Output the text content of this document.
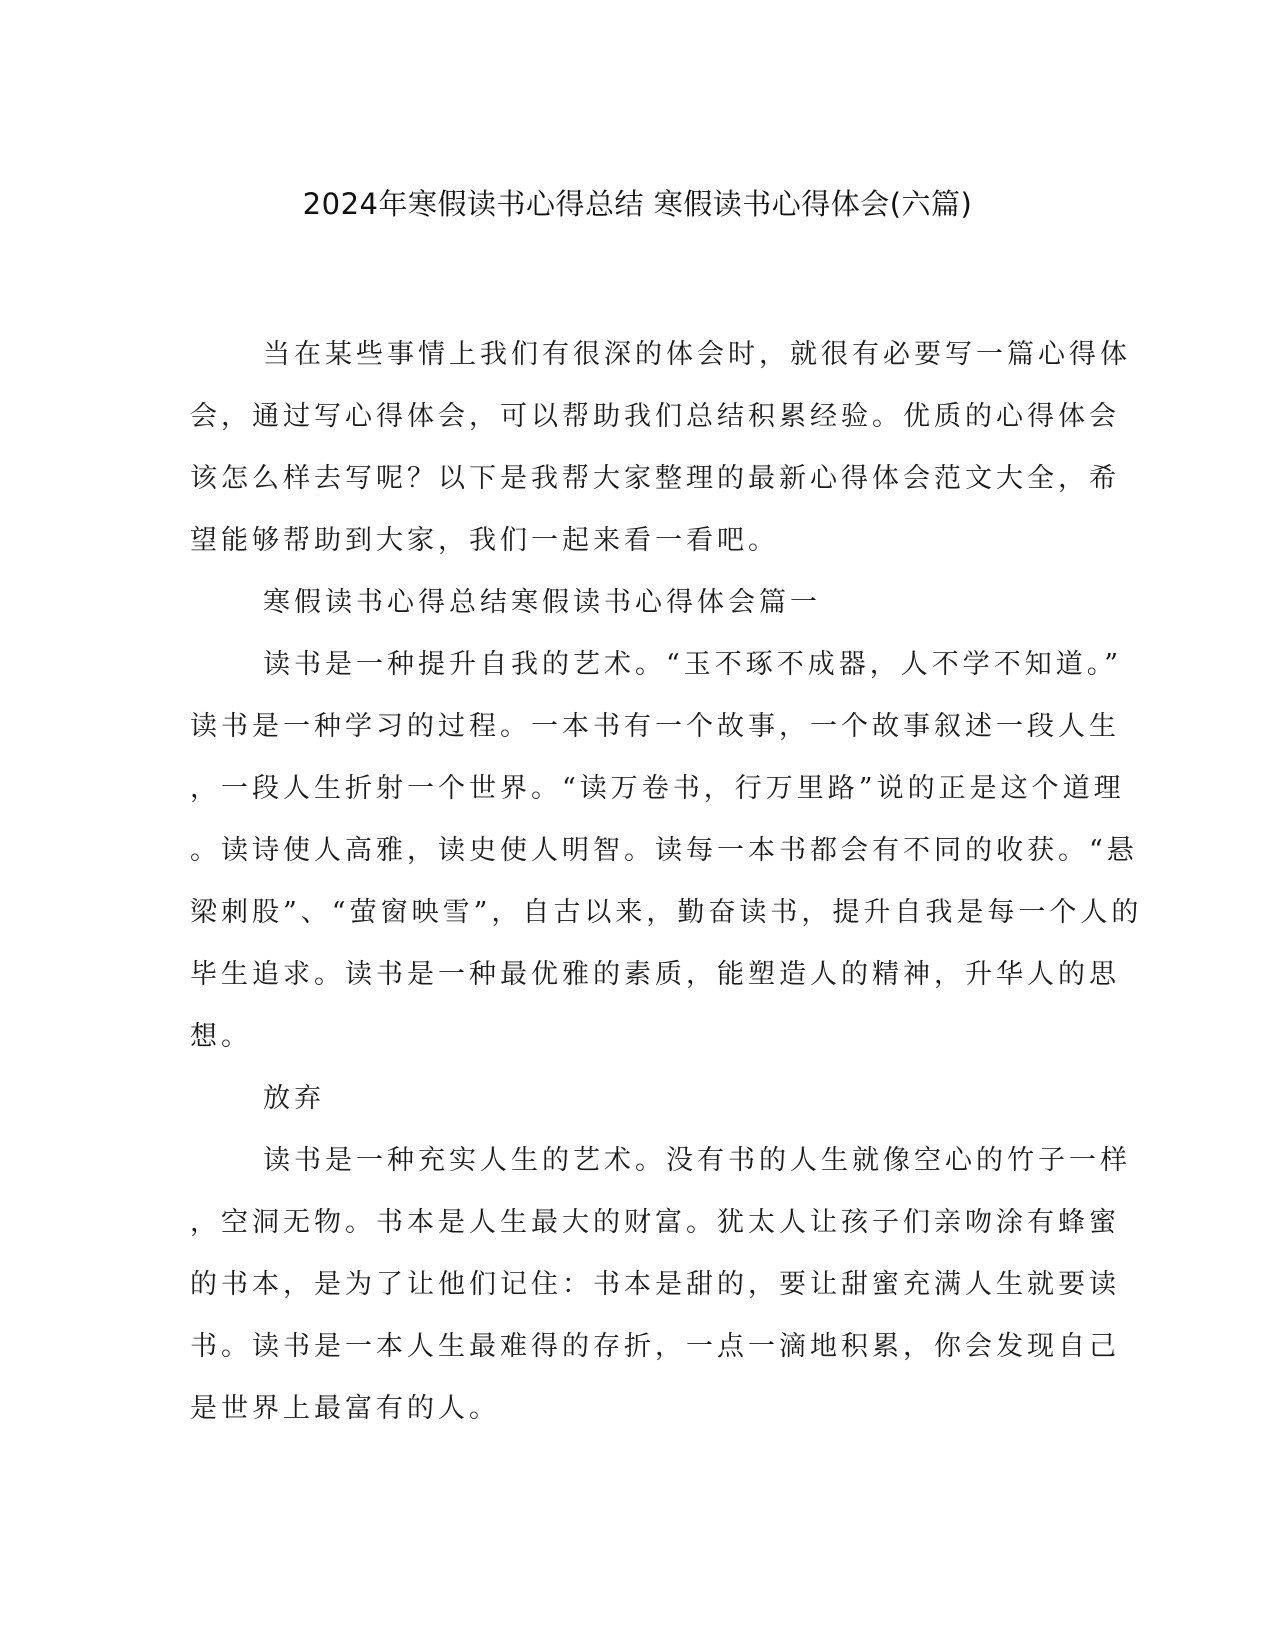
2024年寒假读书心得总结 寒假读书心得体会(六篇)

当在某些事情上我们有很深的体会时，就很有必要写一篇心得体
会，通过写心得体会，可以帮助我们总结积累经验。优质的心得体会
该怎么样去写呢？以下是我帮大家整理的最新心得体会范文大全，希
望能够帮助到大家，我们一起来看一看吧。

寒假读书心得总结寒假读书心得体会篇一

读书是一种提升自我的艺术。“玉不琢不成器，人不学不知道。”
读书是一种学习的过程。一本书有一个故事，一个故事叙述一段人生
，一段人生折射一个世界。“读万卷书，行万里路”说的正是这个道理
。读诗使人高雅，读史使人明智。读每一本书都会有不同的收获。“悬
梁刺股”、“萤窗映雪”，自古以来，勤奋读书，提升自我是每一个人的
毕生追求。读书是一种最优雅的素质，能塑造人的精神，升华人的思
想。

放弃

读书是一种充实人生的艺术。没有书的人生就像空心的竹子一样
，空洞无物。书本是人生最大的财富。犹太人让孩子们亲吻涂有蜂蜜
的书本，是为了让他们记住：书本是甜的，要让甜蜜充满人生就要读
书。读书是一本人生最难得的存折，一点一滴地积累，你会发现自己
是世界上最富有的人。
